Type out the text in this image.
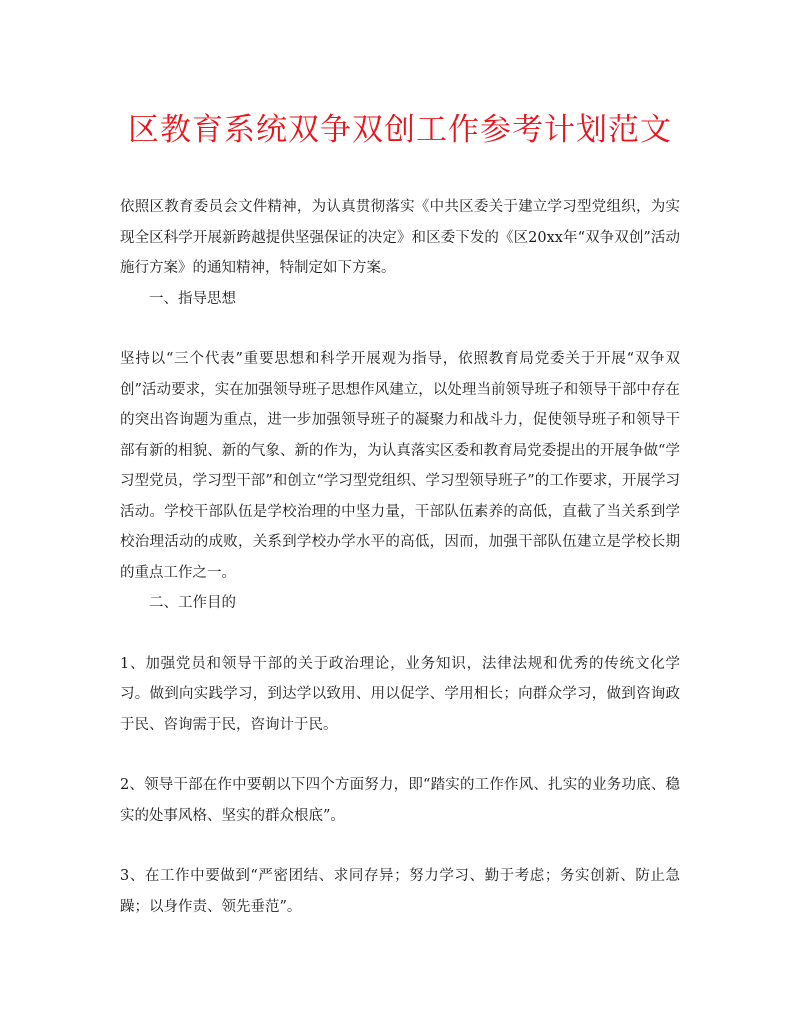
区教育系统双争双创工作参考计划范文

依照区教育委员会文件精神，为认真贯彻落实《中共区委关于建立学习型党组织，为实现全区科学开展新跨越提供坚强保证的决定》和区委下发的《区20xx年“双争双创”活动施行方案》的通知精神，特制定如下方案。

一、指导思想

坚持以“三个代表”重要思想和科学开展观为指导，依照教育局党委关于开展“双争双创”活动要求，实在加强领导班子思想作风建立，以处理当前领导班子和领导干部中存在的突出咨询题为重点，进一步加强领导班子的凝聚力和战斗力，促使领导班子和领导干部有新的相貌、新的气象、新的作为，为认真落实区委和教育局党委提出的开展争做“学习型党员，学习型干部”和创立“学习型党组织、学习型领导班子”的工作要求，开展学习活动。学校干部队伍是学校治理的中坚力量，干部队伍素养的高低，直截了当关系到学校治理活动的成败，关系到学校办学水平的高低，因而，加强干部队伍建立是学校长期的重点工作之一。

二、工作目的

1、加强党员和领导干部的关于政治理论，业务知识，法律法规和优秀的传统文化学习。做到向实践学习，到达学以致用、用以促学、学用相长；向群众学习，做到咨询政于民、咨询需于民，咨询计于民。

2、领导干部在作中要朝以下四个方面努力，即“踏实的工作作风、扎实的业务功底、稳实的处事风格、坚实的群众根底”。

3、在工作中要做到“严密团结、求同存异；努力学习、勤于考虑；务实创新、防止急躁；以身作责、领先垂范”。
